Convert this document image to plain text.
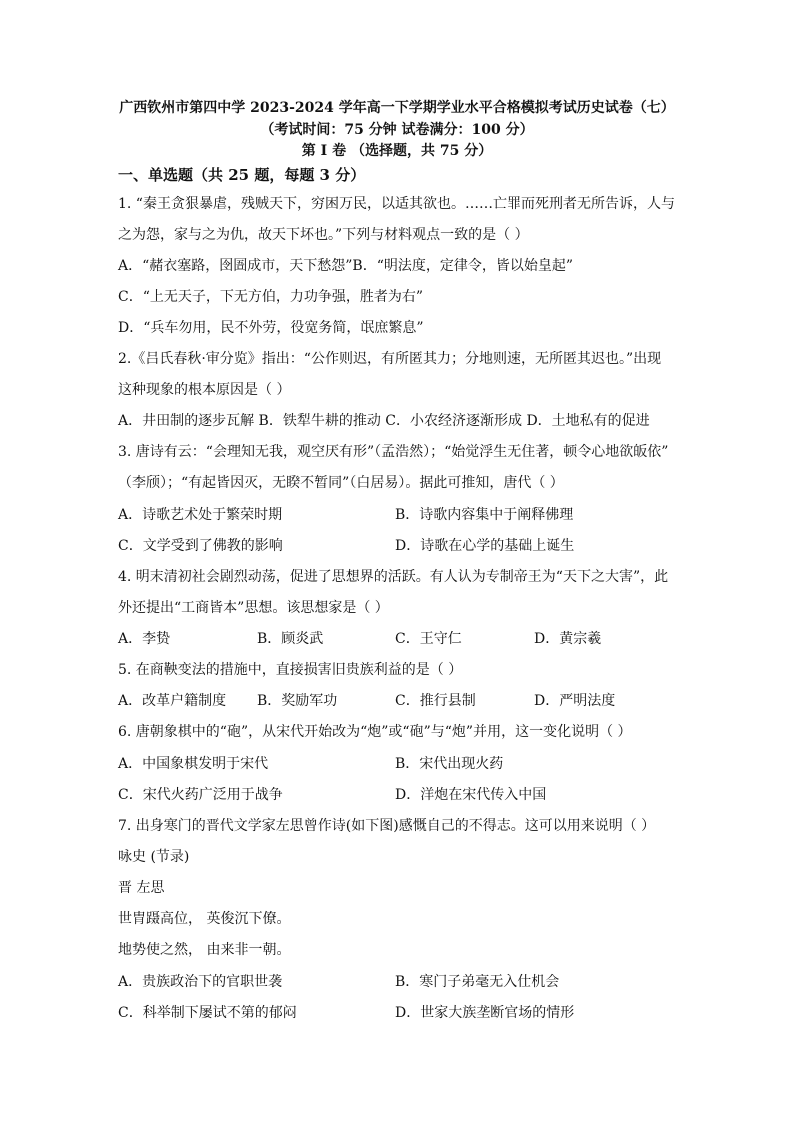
广西钦州市第四中学 2023-2024 学年高一下学期学业水平合格模拟考试历史试卷（七）
（考试时间：75 分钟 试卷满分：100 分）
第 I 卷 （选择题，共 75 分）
一、单选题（共 25 题，每题 3 分）
1. “秦王贪狠暴虐，残贼天下，穷困万民，以适其欲也。……亡罪而死刑者无所告诉，人与
之为怨，家与之为仇，故天下坏也。”下列与材料观点一致的是（ ）
A．“赭衣塞路，囹圄成市，天下愁怨”B．“明法度，定律令，皆以始皇起”
C．“上无天子，下无方伯，力功争强，胜者为右”
D．“兵车勿用，民不外劳，役宽务简，氓庶繁息”
2.《吕氏春秋·审分览》指出：“公作则迟，有所匿其力；分地则速，无所匿其迟也。”出现
这种现象的根本原因是（ ）
A．井田制的逐步瓦解 B．铁犁牛耕的推动 C．小农经济逐渐形成 D．土地私有的促进
3. 唐诗有云：“会理知无我，观空厌有形”（孟浩然）；“始觉浮生无住著，顿令心地欲皈依”
（李颀）；“有起皆因灭，无睽不暂同”（白居易）。据此可推知，唐代（ ）
A．诗歌艺术处于繁荣时期	B．诗歌内容集中于阐释佛理
C．文学受到了佛教的影响	D．诗歌在心学的基础上诞生
4. 明末清初社会剧烈动荡，促进了思想界的活跃。有人认为专制帝王为“天下之大害”，此
外还提出“工商皆本”思想。该思想家是（ ）
A．李贽	B．顾炎武	C．王守仁	D．黄宗羲
5. 在商鞅变法的措施中，直接损害旧贵族利益的是（ ）
A．改革户籍制度 B．奖励军功	C．推行县制	D．严明法度
6. 唐朝象棋中的“砲”，从宋代开始改为“炮”或“砲”与“炮”并用，这一变化说明（ ）
A．中国象棋发明于宋代	B．宋代出现火药
C．宋代火药广泛用于战争	D．洋炮在宋代传入中国
7. 出身寒门的晋代文学家左思曾作诗(如下图)感慨自己的不得志。这可以用来说明（ ）
咏史 (节录)
晋 左思
世胄蹑高位， 英俊沉下僚。
地势使之然， 由来非一朝。
A．贵族政治下的官职世袭	B．寒门子弟毫无入仕机会
C．科举制下屡试不第的郁闷	D．世家大族垄断官场的情形
